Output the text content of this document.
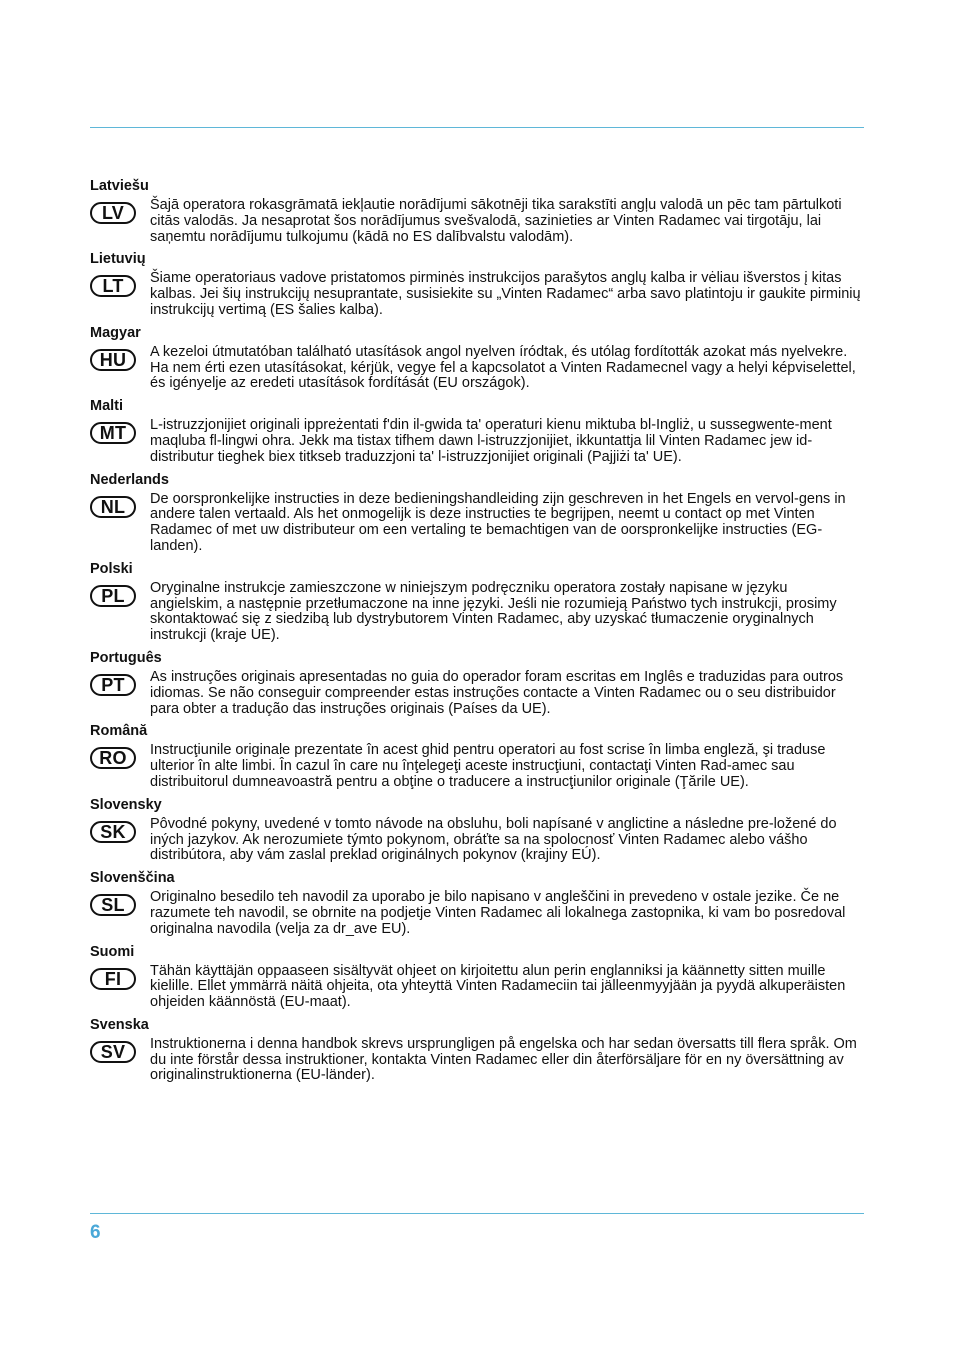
Latviešu
LV	Šajā operatora rokasgrāmatā iekļautie norādījumi sākotnēji tika sarakstīti angļu valodā un pēc tam pārtulkoti citās valodās. Ja nesaprotat šos norādījumus svešvalodā, sazinieties ar Vinten Radamec vai tirgotāju, lai saņemtu norādījumu tulkojumu (kādā no ES dalībvalstu valodām).

Lietuvių
LT	Šiame operatoriaus vadove pristatomos pirminės instrukcijos parašytos anglų kalba ir vėliau išverstos į kitas kalbas. Jei šių instrukcijų nesuprantate, susisiekite su „Vinten Radamec“ arba savo platintoju ir gaukite pirminių instrukcijų vertimą (ES šalies kalba).

Magyar
HU	A kezeloi útmutatóban található utasítások angol nyelven íródtak, és utólag fordították azokat más nyelvekre. Ha nem érti ezen utasításokat, kérjük, vegye fel a kapcsolatot a Vinten Radamecnel vagy a helyi képviselettel, és igényelje az eredeti utasítások fordítását (EU országok).

Malti
MT	L-istruzzjonijiet originali ippreżentati f'din il-gwida ta' operaturi kienu miktuba bl-Ingliż, u sussegwente-ment maqluba fl-lingwi ohra. Jekk ma tistax tifhem dawn l-istruzzjonijiet, ikkuntattja lil Vinten Radamec jew id-distributur tieghek biex titkseb traduzzjoni ta' l-istruzzjonijiet originali (Pajjiżi ta' UE).

Nederlands
NL	De oorspronkelijke instructies in deze bedieningshandleiding zijn geschreven in het Engels en vervol-gens in andere talen vertaald. Als het onmogelijk is deze instructies te begrijpen, neemt u contact op met Vinten Radamec of met uw distributeur om een vertaling te bemachtigen van de oorspronkelijke instructies (EG-landen).

Polski
PL	Oryginalne instrukcje zamieszczone w niniejszym podręczniku operatora zostały napisane w języku angielskim, a następnie przetłumaczone na inne języki. Jeśli nie rozumieją Państwo tych instrukcji, prosimy skontaktować się z siedzibą lub dystrybutorem Vinten Radamec, aby uzyskać tłumaczenie oryginalnych instrukcji (kraje UE).

Português
PT	As instruções originais apresentadas no guia do operador foram escritas em Inglês e traduzidas para outros idiomas. Se não conseguir compreender estas instruções contacte a Vinten Radamec ou o seu distribuidor para obter a tradução das instruções originais (Países da UE).

Română
RO	Instrucţiunile originale prezentate în acest ghid pentru operatori au fost scrise în limba engleză, şi traduse ulterior în alte limbi. În cazul în care nu înţelegeţi aceste instrucţiuni, contactaţi Vinten Rad-amec sau distribuitorul dumneavoastră pentru a obţine o traducere a instrucţiunilor originale (Ţările UE).

Slovensky
SK	Pôvodné pokyny, uvedené v tomto návode na obsluhu, boli napísané v anglictine a následne pre-ložené do iných jazykov. Ak nerozumiete týmto pokynom, obráťte sa na spolocnosť Vinten Radamec alebo vášho distribútora, aby vám zaslal preklad originálnych pokynov (krajiny EÚ).

Slovenščina
SL	Originalno besedilo teh navodil za uporabo je bilo napisano v angleščini in prevedeno v ostale jezike. Če ne razumete teh navodil, se obrnite na podjetje Vinten Radamec ali lokalnega zastopnika, ki vam bo posredoval originalna navodila (velja za dr_ave EU).

Suomi
FI	Tähän käyttäjän oppaaseen sisältyvät ohjeet on kirjoitettu alun perin englanniksi ja käännetty sitten muille kielille. Ellet ymmärrä näitä ohjeita, ota yhteyttä Vinten Radameciin tai jälleenmyyjään ja pyydä alkuperäisten ohjeiden käännöstä (EU-maat).

Svenska
SV	Instruktionerna i denna handbok skrevs ursprungligen på engelska och har sedan översatts till flera språk. Om du inte förstår dessa instruktioner, kontakta Vinten Radamec eller din återförsäljare för en ny översättning av originalinstruktionerna (EU-länder).

6
